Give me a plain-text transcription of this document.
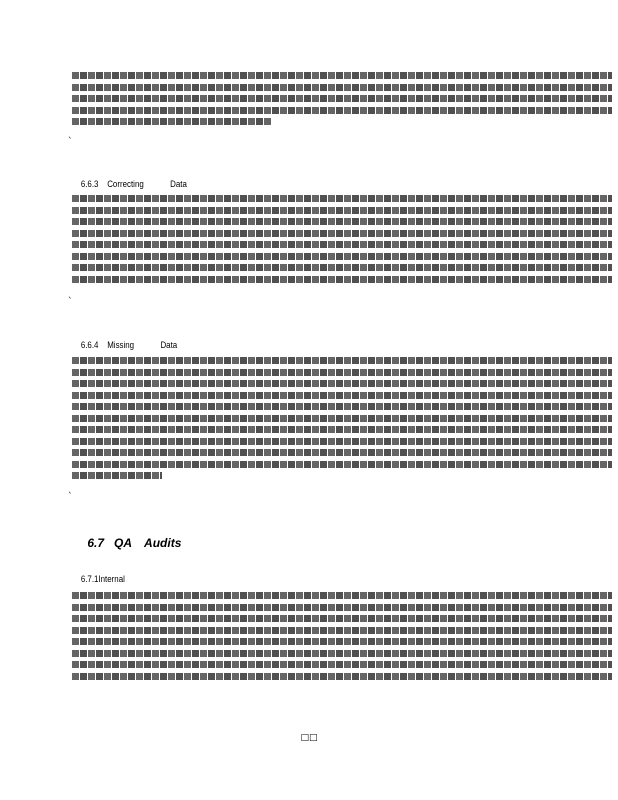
`

6.6.3 Correcting	Data

`

6.6.4 Missing	Data

`

6.7 QA Audits

6.7.1Internal

□□
